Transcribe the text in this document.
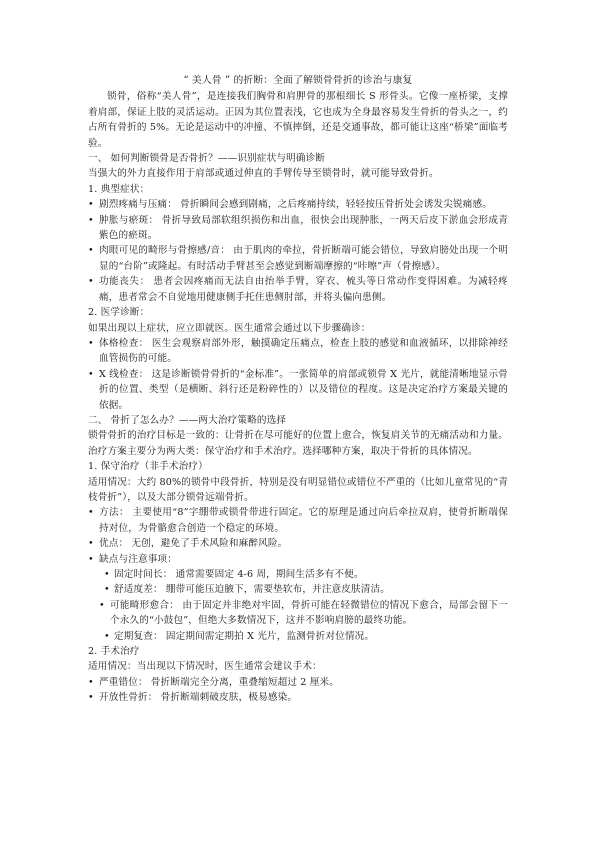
“ 美人骨 ” 的折断：全面了解锁骨骨折的诊治与康复

锁骨，俗称“美人骨”，是连接我们胸骨和肩胛骨的那根细长 S 形骨头。它像一座桥梁，支撑着肩部，保证上肢的灵活运动。正因为其位置表浅，它也成为全身最容易发生骨折的骨头之一，约占所有骨折的 5%。无论是运动中的冲撞、不慎摔倒，还是交通事故，都可能让这座“桥梁”面临考验。

一、 如何判断锁骨是否骨折？——识别症状与明确诊断

当强大的外力直接作用于肩部或通过伸直的手臂传导至锁骨时，就可能导致骨折。

1. 典型症状：

• 剧烈疼痛与压痛： 骨折瞬间会感到剧痛，之后疼痛持续，轻轻按压骨折处会诱发尖锐痛感。
• 肿胀与瘀斑： 骨折导致局部软组织损伤和出血，很快会出现肿胀，一两天后皮下淤血会形成青紫色的瘀斑。
• 肉眼可见的畸形与骨擦感/音： 由于肌肉的牵拉，骨折断端可能会错位，导致肩膀处出现一个明显的“台阶”或隆起。有时活动手臂甚至会感觉到断端摩擦的“咔嚓”声（骨擦感）。
• 功能丧失： 患者会因疼痛而无法自由抬举手臂，穿衣、梳头等日常动作变得困难。为减轻疼痛，患者常会不自觉地用健康侧手托住患侧肘部，并将头偏向患侧。

2. 医学诊断：

如果出现以上症状，应立即就医。医生通常会通过以下步骤确诊：

• 体格检查： 医生会观察肩部外形，触摸确定压痛点，检查上肢的感觉和血液循环，以排除神经血管损伤的可能。
• X 线检查： 这是诊断锁骨骨折的“金标准”。一张简单的肩部或锁骨 X 光片，就能清晰地显示骨折的位置、类型（是横断、斜行还是粉碎性的）以及错位的程度。这是决定治疗方案最关键的依据。

二、 骨折了怎么办？——两大治疗策略的选择

锁骨骨折的治疗目标是一致的：让骨折在尽可能好的位置上愈合，恢复肩关节的无痛活动和力量。治疗方案主要分为两大类：保守治疗和手术治疗。选择哪种方案，取决于骨折的具体情况。

1. 保守治疗（非手术治疗）

适用情况：大约 80%的锁骨中段骨折，特别是没有明显错位或错位不严重的（比如儿童常见的“青枝骨折”），以及大部分锁骨远端骨折。

• 方法： 主要使用“8”字绷带或锁骨带进行固定。它的原理是通过向后牵拉双肩，使骨折断端保持对位，为骨骼愈合创造一个稳定的环境。
• 优点： 无创，避免了手术风险和麻醉风险。
• 缺点与注意事项：
• 固定时间长： 通常需要固定 4-6 周，期间生活多有不便。
• 舒适度差： 绷带可能压迫腋下，需要垫软布，并注意皮肤清洁。
• 可能畸形愈合： 由于固定并非绝对牢固，骨折可能在轻微错位的情况下愈合，局部会留下一个永久的“小鼓包”，但绝大多数情况下，这并不影响肩膀的最终功能。
• 定期复查： 固定期间需定期拍 X 光片，监测骨折对位情况。

2. 手术治疗

适用情况：当出现以下情况时，医生通常会建议手术：

• 严重错位： 骨折断端完全分离，重叠缩短超过 2 厘米。
• 开放性骨折： 骨折断端刺破皮肤，极易感染。
